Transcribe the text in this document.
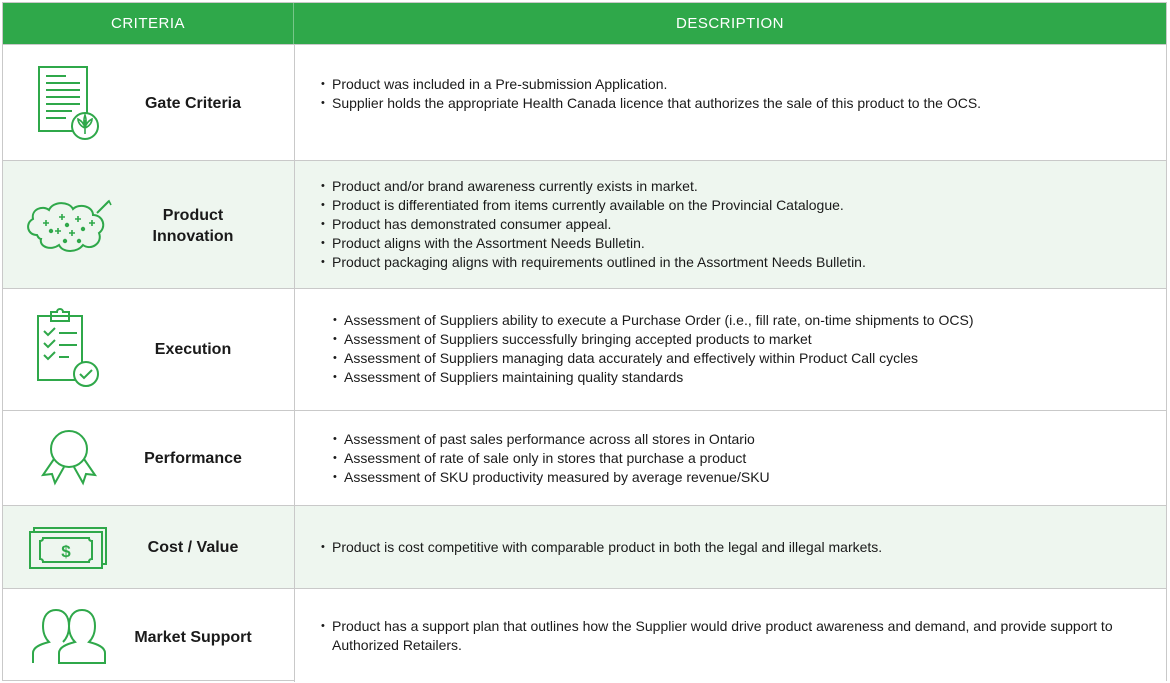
CRITERIA	DESCRIPTION
Gate Criteria
• Product was included in a Pre-submission Application.
• Supplier holds the appropriate Health Canada licence that authorizes the sale of this product to the OCS.
Product
Innovation
• Product and/or brand awareness currently exists in market.
• Product is differentiated from items currently available on the Provincial Catalogue.
• Product has demonstrated consumer appeal.
• Product aligns with the Assortment Needs Bulletin.
• Product packaging aligns with requirements outlined in the Assortment Needs Bulletin.
Execution
• Assessment of Suppliers ability to execute a Purchase Order (i.e., fill rate, on-time shipments to OCS)
• Assessment of Suppliers successfully bringing accepted products to market
• Assessment of Suppliers managing data accurately and effectively within Product Call cycles
• Assessment of Suppliers maintaining quality standards
Performance
• Assessment of past sales performance across all stores in Ontario
• Assessment of rate of sale only in stores that purchase a product
• Assessment of SKU productivity measured by average revenue/SKU
$	Cost / Value
•	Product is cost competitive with comparable product in both the legal and illegal markets.
Market Support
• Product has a support plan that outlines how the Supplier would drive product awareness and demand, and provide support to Authorized Retailers.
